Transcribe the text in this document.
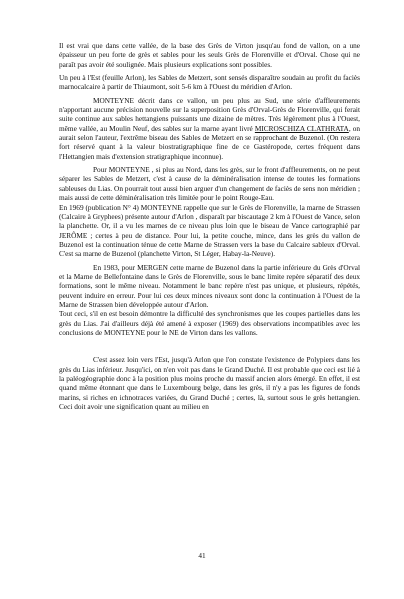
Il est vrai que dans cette vallée, de la base des Grès de Virton jusqu'au fond de vallon, on a une épaisseur un peu forte de grès et sables pour les seuls Grès de Florenville et d'Orval. Chose qui ne paraît pas avoir été soulignée. Mais plusieurs explications sont possibles.

Un peu à l'Est (feuille Arlon), les Sables de Metzert, sont sensés disparaître soudain au profit du faciès marnocalcaire à partir de Thiaumont, soit 5-6 km à l'Ouest du méridien d'Arlon.

MONTEYNE décrit dans ce vallon, un peu plus au Sud, une série d'affleurements n'apportant aucune précision nouvelle sur la superposition Grès d'Orval-Grès de Florenville, qui ferait suite continue aux sables hettangiens puissants une dizaine de mètres. Très légèrement plus à l'Ouest, même vallée, au Moulin Neuf, des sables sur la marne ayant livré MICROSCHIZA CLATHRATA, on aurait selon l'auteur, l'extrême biseau des Sables de Metzert en se rapprochant de Buzenol. (On restera fort réservé quant à la valeur biostratigraphique fine de ce Gastéropode, certes fréquent dans l'Hettangien mais d'extension stratigraphique inconnue).

Pour MONTEYNE , si plus au Nord, dans les grès, sur le front d'affleurements, on ne peut séparer les Sables de Metzert, c'est à cause de la déminéralisation intense de toutes les formations sableuses du Lias. On pourrait tout aussi bien arguer d'un changement de faciès de sens non méridien ; mais aussi de cette déminéralisation très limitée pour le point Rouge-Eau.

En 1969 (publication N° 4) MONTEYNE rappelle que sur le Grès de Florenville, la marne de Strassen (Calcaire à Gryphees) présente autour d'Arlon , disparaît par biscautage 2 km à l'Ouest de Vance, selon la planchette. Or, il a vu les marnes de ce niveau plus loin que le biseau de Vance cartographié par JERÔME ; certes à peu de distance. Pour lui, la petite couche, mince, dans les grès du vallon de Buzenol est la continuation ténue de cette Marne de Strassen vers la base du Calcaire sableux d'Orval. C'est sa marne de Buzenol (planchette Virton, St Léger, Habay-la-Neuve).

En 1983, pour MERGEN cette marne de Buzenol dans la partie inférieure du Grès d'Orval et la Marne de Bellefontaine dans le Grès de Florenville, sous le banc limite repère séparatif des deux formations, sont le même niveau. Notamment le banc repère n'est pas unique, et plusieurs, répétés, peuvent induire en erreur. Pour lui ces deux minces niveaux sont donc la continuation à l'Ouest de la Marne de Strassen bien développée autour d'Arlon.

Tout ceci, s'il en est besoin démontre la difficulté des synchronismes que les coupes partielles dans les grès du Lias. J'ai d'ailleurs déjà été amené à exposer (1969) des observations incompatibles avec les conclusions de MONTEYNE pour le NE de Virton dans les vallons.

C'est assez loin vers l'Est, jusqu'à Arlon que l'on constate l'existence de Polypiers dans les grès du Lias inférieur. Jusqu'ici, on n'en voit pas dans le Grand Duché. Il est probable que ceci est lié à la paléogéographie donc à la position plus moins proche du massif ancien alors émergé. En effet, il est quand même étonnant que dans le Luxembourg belge, dans les grès, il n'y a pas les figures de fonds marins, si riches en ichnotraces variées, du Grand Duché ; certes, là, surtout sous le grès hettangien. Ceci doit avoir une signification quant au milieu en

41
